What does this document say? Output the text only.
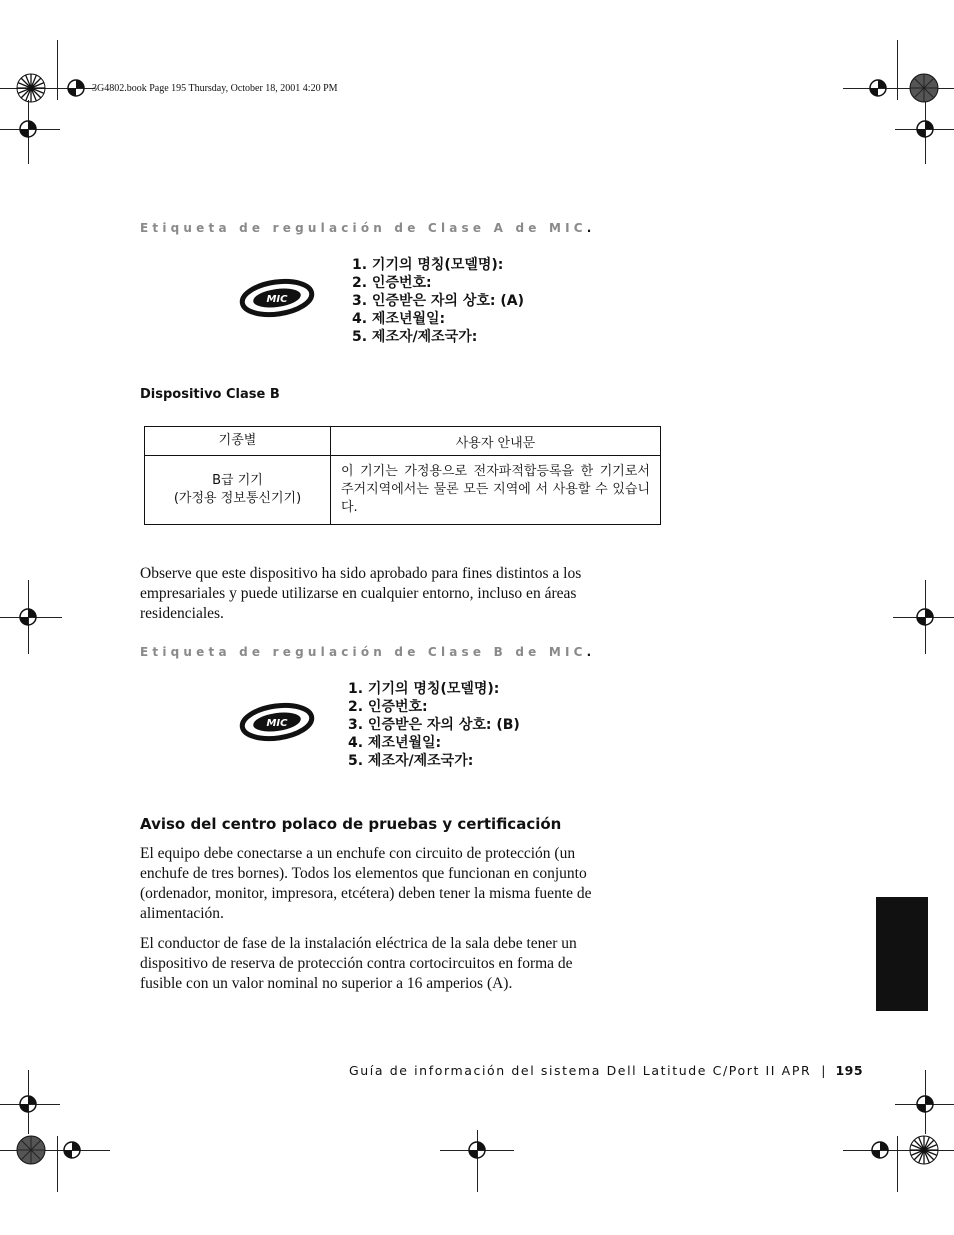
3G4802.book Page 195 Thursday, October 18, 2001 4:20 PM
Etiqueta de regulación de Clase A de MIC.
MIC
1. 기기의 명칭(모델명):
2. 인증번호:
3. 인증받은 자의 상호: (A)
4. 제조년월일:
5. 제조자/제조국가:
Dispositivo Clase B
기종별	사용자 안내문

B급 기기
(가정용 정보통신기기)	이 기기는 가정용으로 전자파적합등록을 한 기기로서 주거지역에서는 물론 모든 지역에 서 사용할 수 있습니다.
Observe que este dispositivo ha sido aprobado para fines distintos a los empresariales y puede utilizarse en cualquier entorno, incluso en áreas residenciales.
Etiqueta de regulación de Clase B de MIC.
MIC
1. 기기의 명칭(모델명):
2. 인증번호:
3. 인증받은 자의 상호: (B)
4. 제조년월일:
5. 제조자/제조국가:
Aviso del centro polaco de pruebas y certificación
El equipo debe conectarse a un enchufe con circuito de protección (un enchufe de tres bornes). Todos los elementos que funcionan en conjunto (ordenador, monitor, impresora, etcétera) deben tener la misma fuente de alimentación.
El conductor de fase de la instalación eléctrica de la sala debe tener un dispositivo de reserva de protección contra cortocircuitos en forma de fusible con un valor nominal no superior a 16 amperios (A).
Guía de información del sistema Dell Latitude C/Port II APR | 195
